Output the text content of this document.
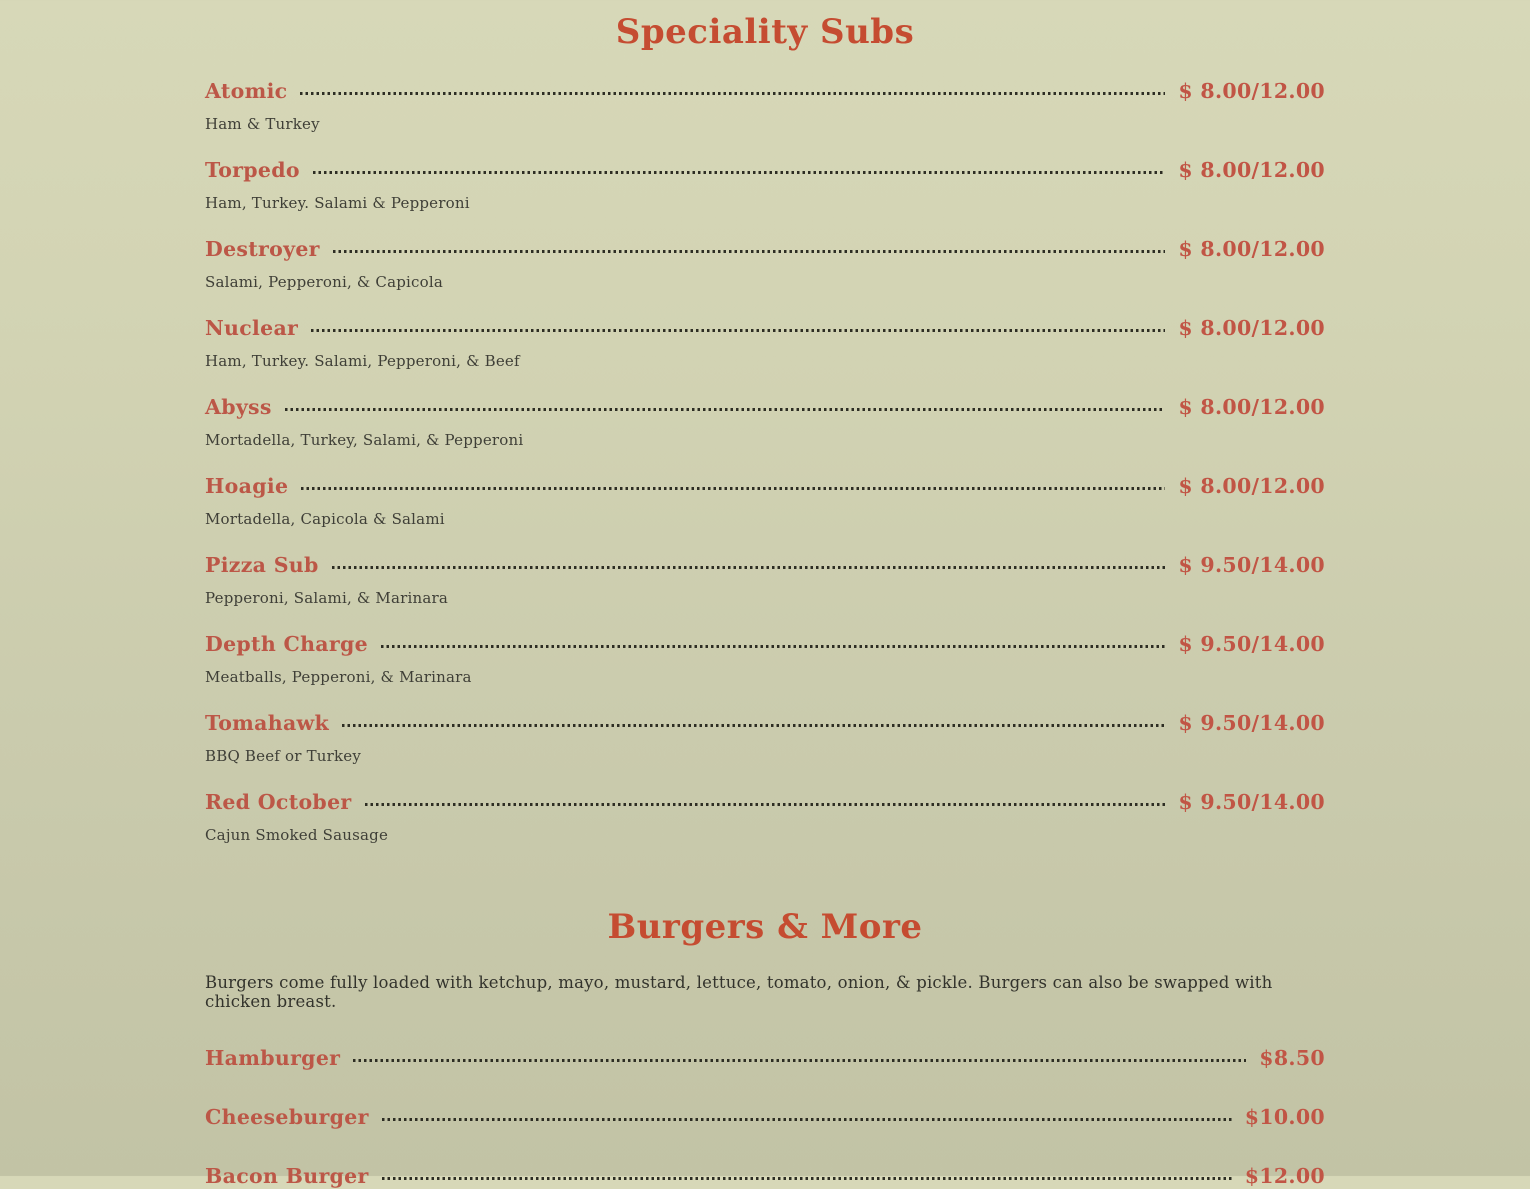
Speciality Subs
Atomic	$ 8.00/12.00
Ham & Turkey
Torpedo	$ 8.00/12.00
Ham, Turkey. Salami & Pepperoni
Destroyer	$ 8.00/12.00
Salami, Pepperoni, & Capicola
Nuclear	$ 8.00/12.00
Ham, Turkey. Salami, Pepperoni, & Beef
Abyss	$ 8.00/12.00
Mortadella, Turkey, Salami, & Pepperoni
Hoagie	$ 8.00/12.00
Mortadella, Capicola & Salami
Pizza Sub	$ 9.50/14.00
Pepperoni, Salami, & Marinara
Depth Charge	$ 9.50/14.00
Meatballs, Pepperoni, & Marinara
Tomahawk	$ 9.50/14.00
BBQ Beef or Turkey
Red October	$ 9.50/14.00
Cajun Smoked Sausage
Burgers & More

Burgers come fully loaded with ketchup, mayo, mustard, lettuce, tomato, onion, & pickle. Burgers can also be swapped with chicken breast.

Hamburger	$8.50
Cheeseburger	$10.00
Bacon Burger	$12.00
